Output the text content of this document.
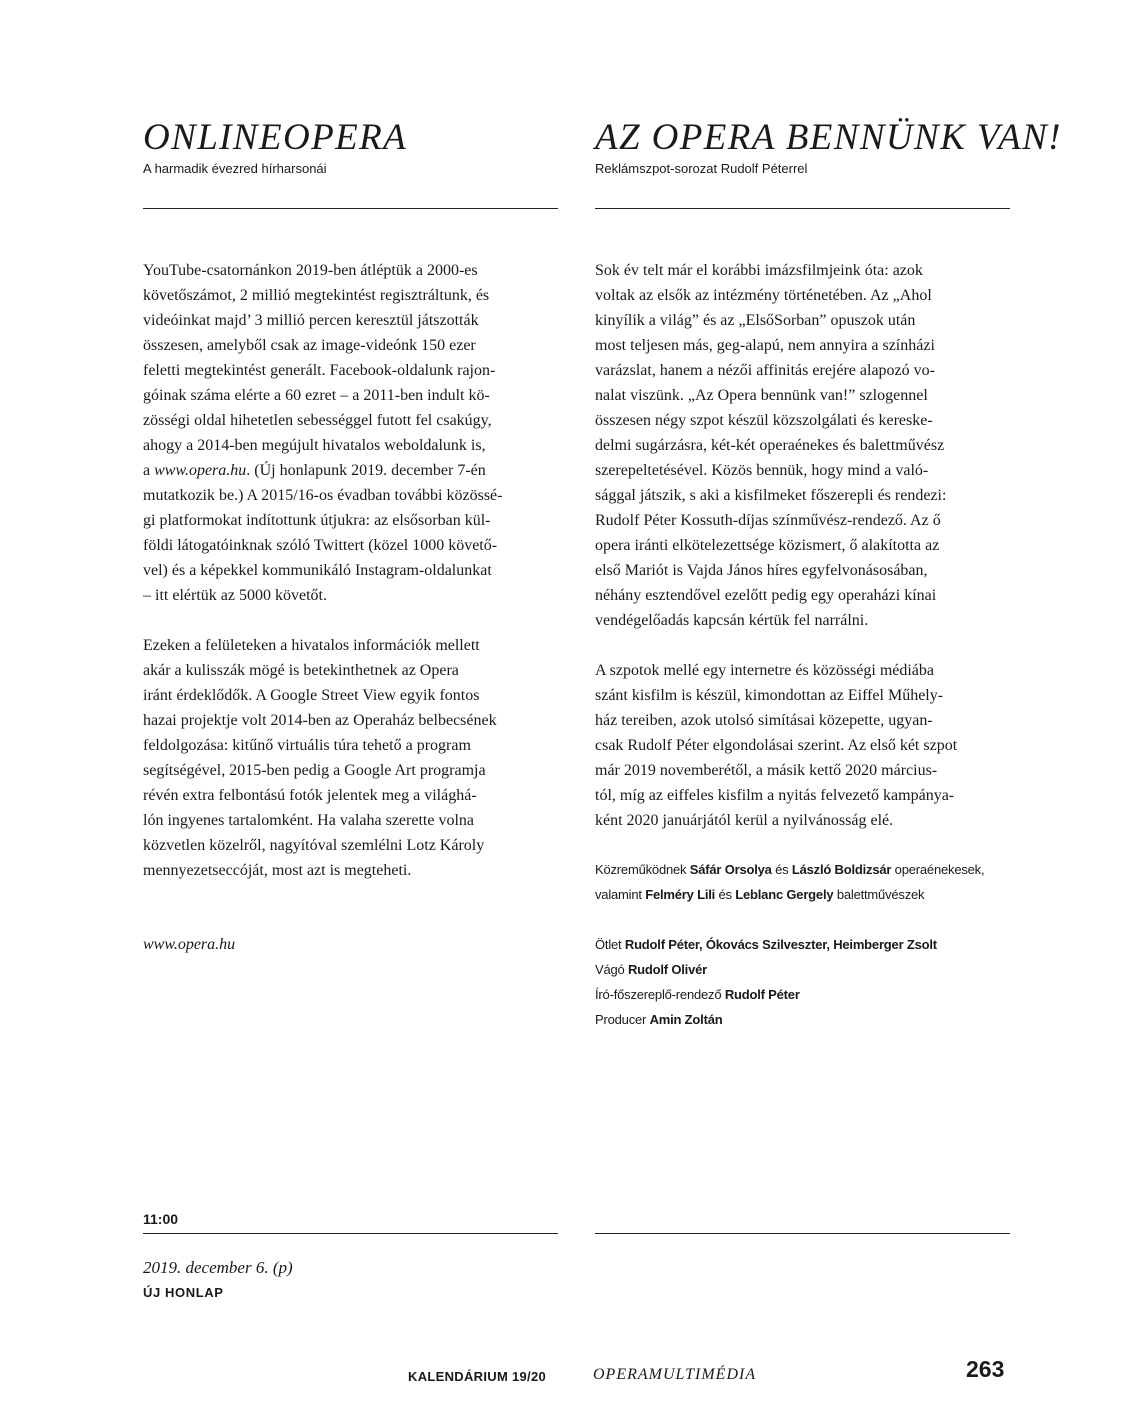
ONLINEOPERA
A harmadik évezred hírharsonái
AZ OPERA BENNÜNK VAN!
Reklámszpot-sorozat Rudolf Péterrel

YouTube-csatornánkon 2019-ben átléptük a 2000-es
követőszámot, 2 millió megtekintést regisztráltunk, és
videóinkat majd’ 3 millió percen keresztül játszották
összesen, amelyből csak az image-videónk 150 ezer
feletti megtekintést generált. Facebook-oldalunk rajon-
góinak száma elérte a 60 ezret – a 2011-ben indult kö-
zösségi oldal hihetetlen sebességgel futott fel csakúgy,
ahogy a 2014-ben megújult hivatalos weboldalunk is,
a www.opera.hu. (Új honlapunk 2019. december 7-én
mutatkozik be.) A 2015/16-os évadban további közössé-
gi platformokat indítottunk útjukra: az elsősorban kül-
földi látogatóinknak szóló Twittert (közel 1000 követő-
vel) és a képekkel kommunikáló Instagram-oldalunkat
– itt elértük az 5000 követőt.

Ezeken a felületeken a hivatalos információk mellett
akár a kulisszák mögé is betekinthetnek az Opera
iránt érdeklődők. A Google Street View egyik fontos
hazai projektje volt 2014-ben az Operaház belbecsének
feldolgozása: kitűnő virtuális túra tehető a program
segítségével, 2015-ben pedig a Google Art programja
révén extra felbontású fotók jelentek meg a világhá-
lón ingyenes tartalomként. Ha valaha szerette volna
közvetlen közelről, nagyítóval szemlélni Lotz Károly
mennyezetseccóját, most azt is megteheti.

www.opera.hu

Sok év telt már el korábbi imázsfilmjeink óta: azok
voltak az elsők az intézmény történetében. Az „Ahol
kinyílik a világ” és az „ElsőSorban” opuszok után
most teljesen más, geg-alapú, nem annyira a színházi
varázslat, hanem a nézői affinitás erejére alapozó vo-
nalat viszünk. „Az Opera bennünk van!” szlogennel
összesen négy szpot készül közszolgálati és kereske-
delmi sugárzásra, két-két operaénekes és balettművész
szerepeltetésével. Közös bennük, hogy mind a való-
sággal játszik, s aki a kisfilmeket főszerepli és rendezi:
Rudolf Péter Kossuth-díjas színművész-rendező. Az ő
opera iránti elkötelezettsége közismert, ő alakította az
első Mariót is Vajda János híres egyfelvonásosában,
néhány esztendővel ezelőtt pedig egy operaházi kínai
vendégelőadás kapcsán kértük fel narrálni.

A szpotok mellé egy internetre és közösségi médiába
szánt kisfilm is készül, kimondottan az Eiffel Műhely-
ház tereiben, azok utolsó simításai közepette, ugyan-
csak Rudolf Péter elgondolásai szerint. Az első két szpot
már 2019 novemberétől, a másik kettő 2020 március-
tól, míg az eiffeles kisfilm a nyitás felvezető kampánya-
ként 2020 januárjától kerül a nyilvánosság elé.

Közreműködnek Sáfár Orsolya és László Boldizsár operaénekesek,
valamint Felméry Lili és Leblanc Gergely balettművészek
Ötlet Rudolf Péter, Ókovács Szilveszter, Heimberger Zsolt
Vágó Rudolf Olivér
Író-főszereplő-rendező Rudolf Péter
Producer Amin Zoltán
11:00
2019. december 6. (p)
ÚJ HONLAP
KALENDÁRIUM 19/20	OPERAMULTIMÉDIA	263
